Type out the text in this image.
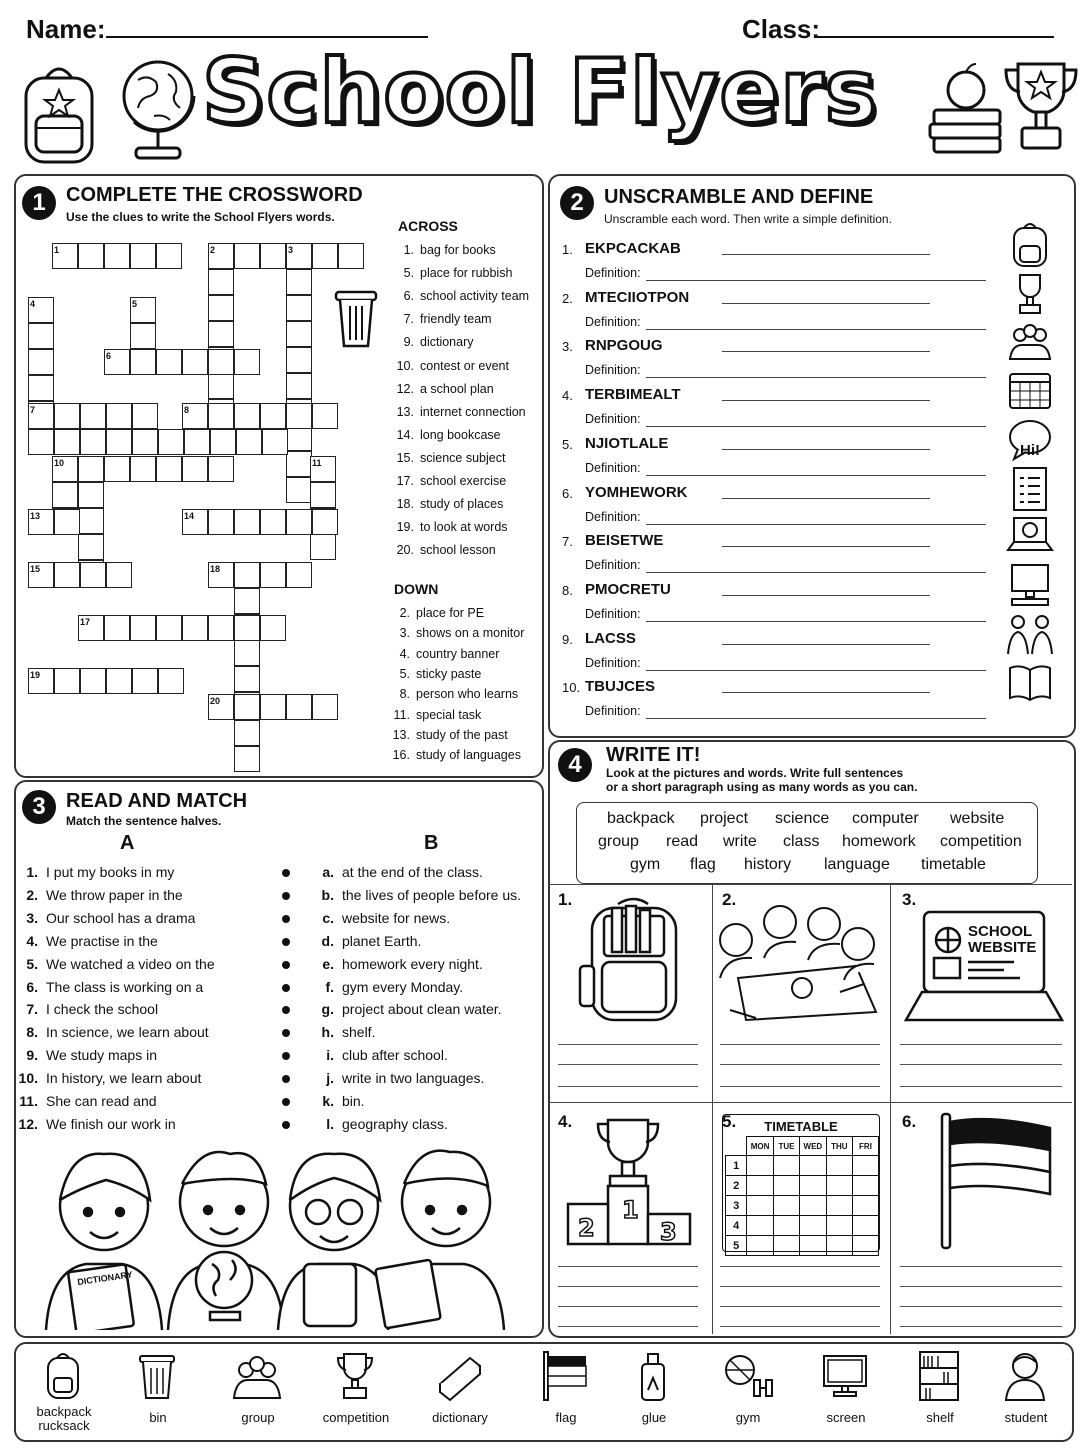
Name:	Class:
School Flyers
1	COMPLETE THE CROSSWORD
Use the clues to write the School Flyers words.
1	2	3
4	5
6
7	8
10	11
13	14
15	18
17
19
20
ACROSS
1. bag for books
5. place for rubbish
6. school activity team
7. friendly team
9. dictionary
10. contest or event
12. a school plan
13. internet connection
14. long bookcase
15. science subject
17. school exercise
18. study of places
19. to look at words
20. school lesson
DOWN
2. place for PE
3. shows on a monitor
4. country banner
5. sticky paste
8. person who learns
11. special task
13. study of the past
16. study of languages
2	UNSCRAMBLE AND DEFINE
Unscramble each word. Then write a simple definition.
1. EKPCACKAB
Definition:
2. MTECIIOTPON
Definition:
3. RNPGOUG
Definition:
4. TERBIMEALT
Definition:
5. NJIOTLALE
Definition:
6. YOMHEWORK
Definition:
7. BEISETWE
Definition:
8. PMOCRETU
Definition:
9. LACSS
Definition:
10. TBUJCES
Definition:
3	READ AND MATCH
Match the sentence halves.
A	B
1. I put my books in my	a. at the end of the class.
2. We throw paper in the	b. the lives of people before us.
3. Our school has a drama	c. website for news.
4. We practise in the	d. planet Earth.
5. We watched a video on the	e. homework every night.
6. The class is working on a	f. gym every Monday.
7. I check the school	g. project about clean water.
8. In science, we learn about	h. shelf.
9. We study maps in	i. club after school.
10. In history, we learn about	j. write in two languages.
11. She can read and	k. bin.
12. We finish our work in	l. geography class.
DICTIONARY
4	WRITE IT!
Look at the pictures and words. Write full sentences
or a short paragraph using as many words as you can.
backpack project science computer website
group read write class homework competition
gym flag history language timetable
1.	2.	3.
4.	5.	6.
SCHOOL
WEBSITE
1
2	3
TIMETABLE
	MON	TUE	WED	THU	FRI
1					
2					
3					
4					
5					
backpack
rucksack
bin	group	competition	dictionary	flag	glue	gym	screen	shelf	student
Hi!
